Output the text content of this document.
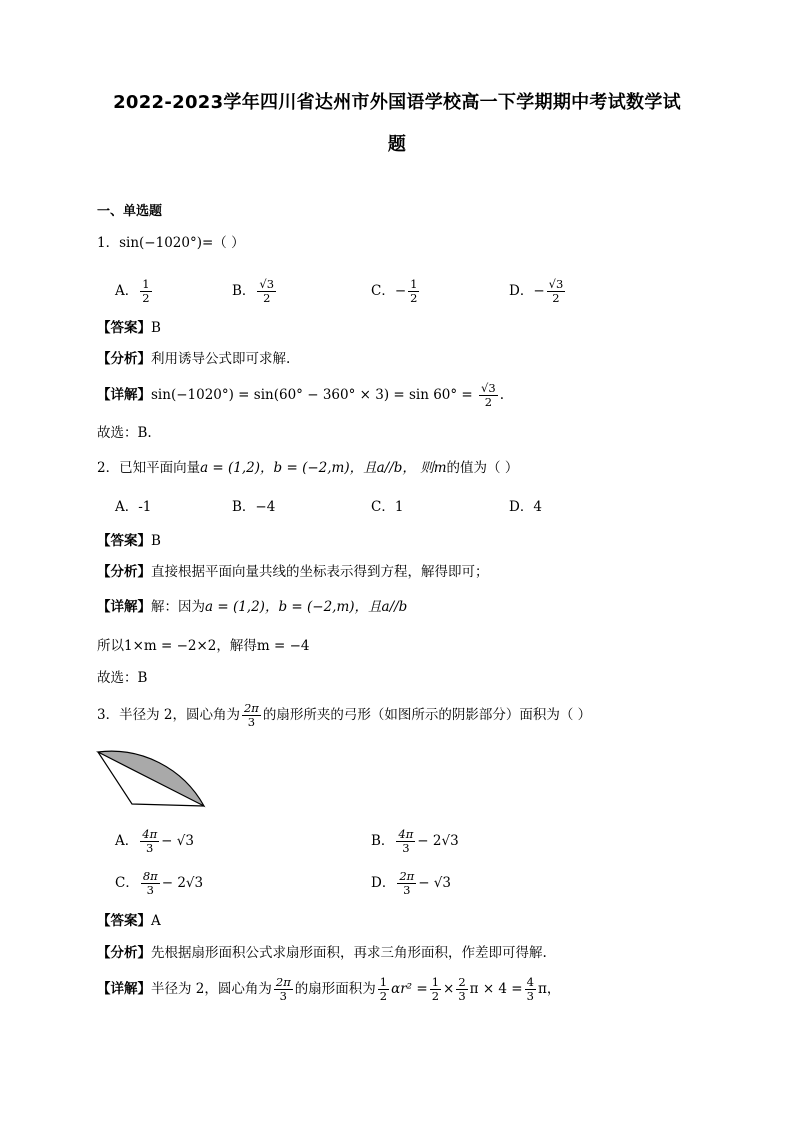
2022-2023学年四川省达州市外国语学校高一下学期期中考试数学试
题
一、单选题
1．sin(−1020°)=（ ）
A． $\frac{1}{2}$	B． $\frac{√3}{2}$	C．− $\frac{1}{2}$	D．− $\frac{√3}{2}$
【答案】B
【分析】利用诱导公式即可求解.
【详解】$\sin(-1020^\circ) = \sin(60^\circ - 360^\circ \times 3) = \sin 60^\circ = \frac{√3}{2}$ .
故选：B.
2．已知平面向量a = (1,2)，b = (−2,m)，且a//b， 则m的值为（ ）
A．-1	B．−4	C．1	D．4
【答案】B
【分析】直接根据平面向量共线的坐标表示得到方程，解得即可；
【详解】解：因为a = (1,2)，b = (−2,m)，且a//b
所以1×m = −2×2，解得m = −4
故选：B
3．半径为 2，圆心角为 $\frac{2\pi}{3}$ 的扇形所夹的弓形（如图所示的阴影部分）面积为（ ）
A． $\frac{4\pi}{3} - √3$	B． $\frac{4\pi}{3} - 2√3$
C． $\frac{8\pi}{3} - 2√3$	D． $\frac{2\pi}{3} - √3$
【答案】A
【分析】先根据扇形面积公式求扇形面积，再求三角形面积，作差即可得解.
【详解】半径为 2，圆心角为 $\frac{2\pi}{3}$ 的扇形面积为 $\frac{1}{2} \alpha r^2 = \frac{1}{2} \times \frac{2}{3}$ $\pi \times 4 = \frac{4}{3}$ π，
